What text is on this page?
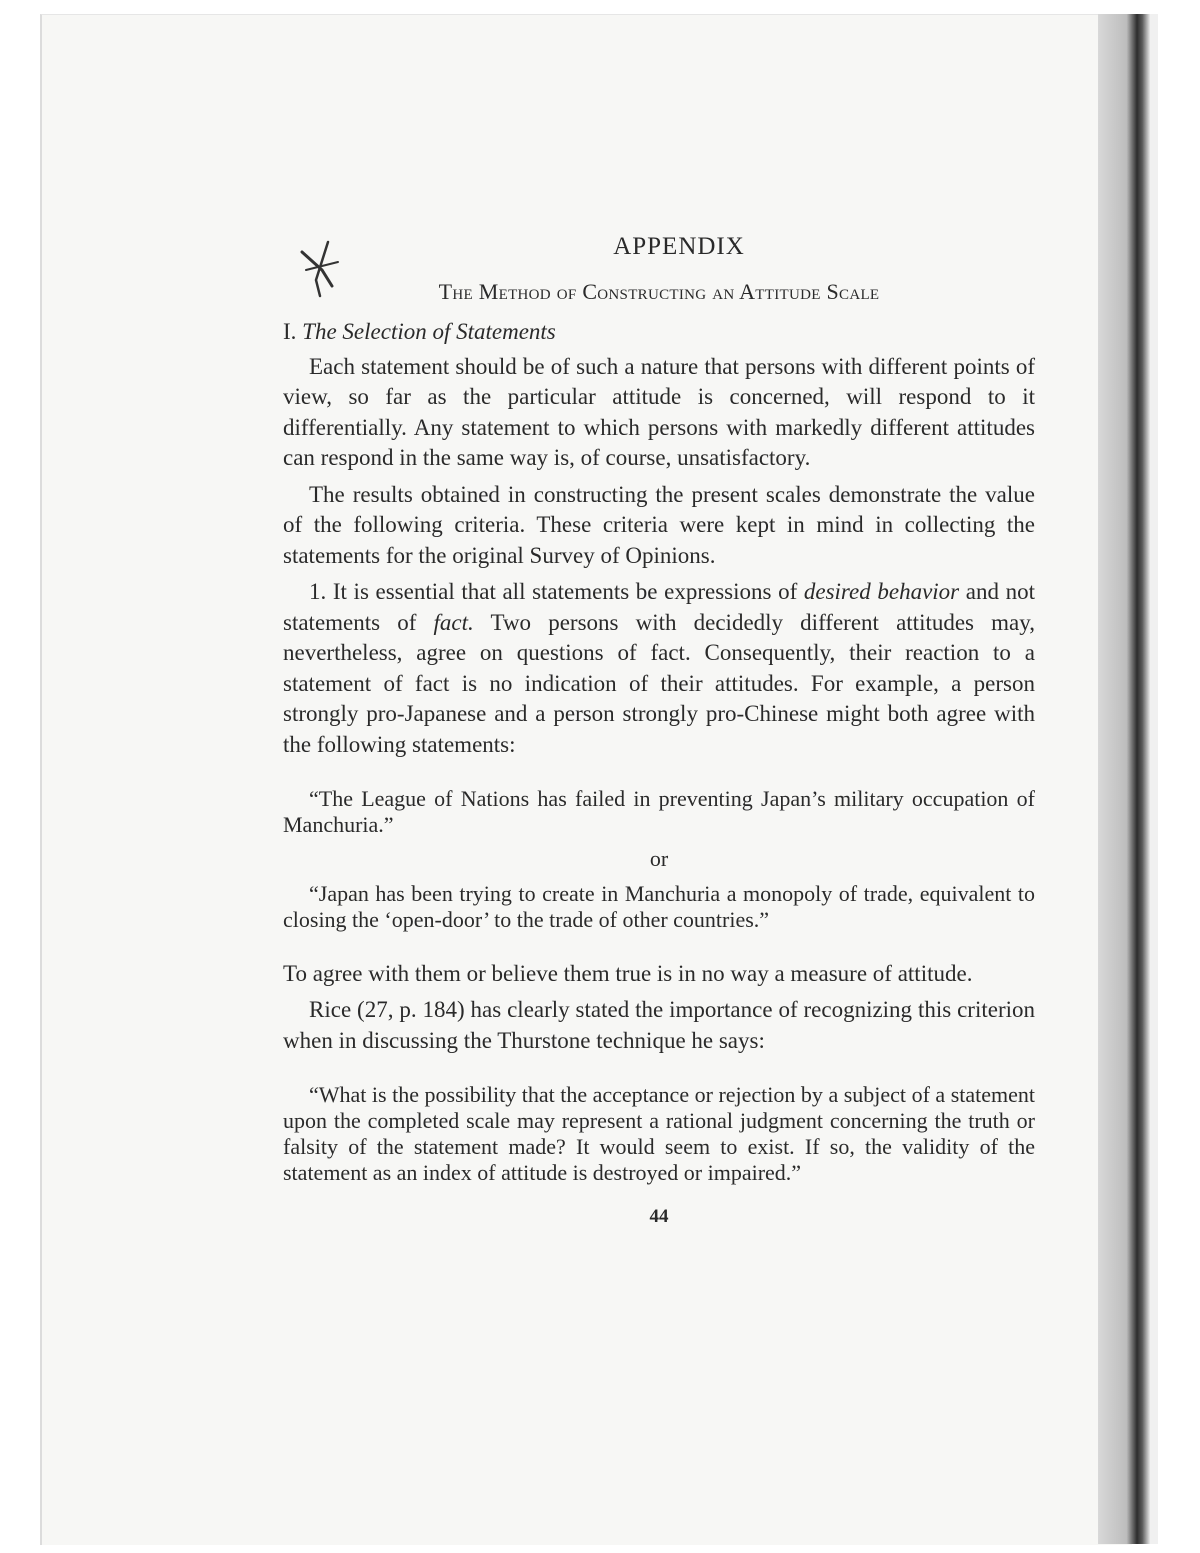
APPENDIX
The Method of Constructing an Attitude Scale
I. The Selection of Statements

Each statement should be of such a nature that persons with different points of view, so far as the particular attitude is concerned, will respond to it differentially. Any statement to which persons with markedly different attitudes can respond in the same way is, of course, unsatisfactory.

The results obtained in constructing the present scales demonstrate the value of the following criteria. These criteria were kept in mind in collecting the statements for the original Survey of Opinions.

1. It is essential that all statements be expressions of desired behavior and not statements of fact. Two persons with decidedly different attitudes may, nevertheless, agree on questions of fact. Consequently, their reaction to a statement of fact is no indication of their attitudes. For example, a person strongly pro-Japanese and a person strongly pro-Chinese might both agree with the following statements:

“The League of Nations has failed in preventing Japan’s military occupation of Manchuria.”
or
“Japan has been trying to create in Manchuria a monopoly of trade, equivalent to closing the ‘open-door’ to the trade of other countries.”

To agree with them or believe them true is in no way a measure of attitude.

Rice (27, p. 184) has clearly stated the importance of recognizing this criterion when in discussing the Thurstone technique he says:

“What is the possibility that the acceptance or rejection by a subject of a statement upon the completed scale may represent a rational judgment concerning the truth or falsity of the statement made? It would seem to exist. If so, the validity of the statement as an index of attitude is destroyed or impaired.”
44
